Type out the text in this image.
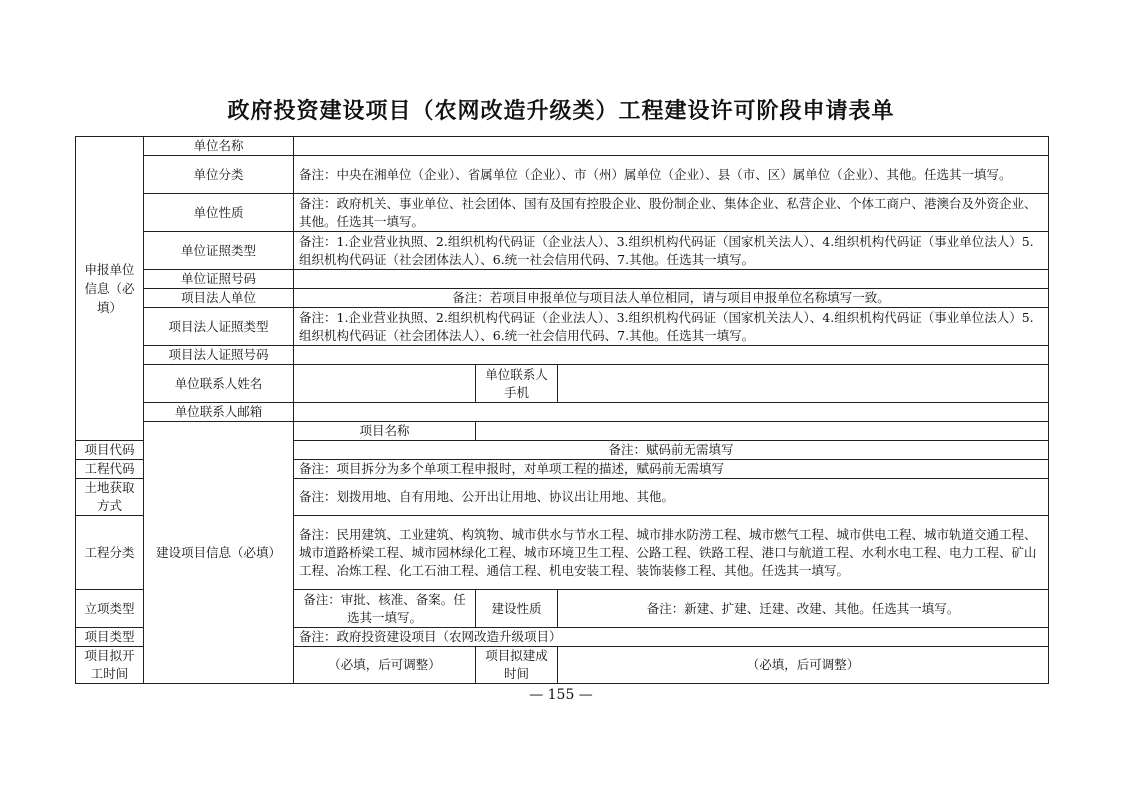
政府投资建设项目（农网改造升级类）工程建设许可阶段申请表单
申报单位信息（必填）	单位名称			
	单位分类	备注：中央在湘单位（企业）、省属单位（企业）、市（州）属单位（企业）、县（市、区）属单位（企业）、其他。任选其一填写。		
	单位性质	备注：政府机关、事业单位、社会团体、国有及国有控股企业、股份制企业、集体企业、私营企业、个体工商户、港澳台及外资企业、其他。任选其一填写。		
	单位证照类型	备注：1.企业营业执照、2.组织机构代码证（企业法人）、3.组织机构代码证（国家机关法人）、4.组织机构代码证（事业单位法人）5.组织机构代码证（社会团体法人）、6.统一社会信用代码、7.其他。任选其一填写。		
	单位证照号码			
	项目法人单位	备注：若项目申报单位与项目法人单位相同，请与项目申报单位名称填写一致。		
	项目法人证照类型	备注：1.企业营业执照、2.组织机构代码证（企业法人）、3.组织机构代码证（国家机关法人）、4.组织机构代码证（事业单位法人）5.组织机构代码证（社会团体法人）、6.统一社会信用代码、7.其他。任选其一填写。		
	项目法人证照号码			
	单位联系人姓名		单位联系人手机	
	单位联系人邮箱			
	建设项目信息（必填）	项目名称		
项目代码		备注：赋码前无需填写		
工程代码		备注：项目拆分为多个单项工程申报时，对单项工程的描述，赋码前无需填写		
土地获取方式		备注：划拨用地、自有用地、公开出让用地、协议出让用地、其他。		
工程分类		备注：民用建筑、工业建筑、构筑物、城市供水与节水工程、城市排水防涝工程、城市燃气工程、城市供电工程、城市轨道交通工程、城市道路桥梁工程、城市园林绿化工程、城市环境卫生工程、公路工程、铁路工程、港口与航道工程、水利水电工程、电力工程、矿山工程、冶炼工程、化工石油工程、通信工程、机电安装工程、装饰装修工程、其他。任选其一填写。		
立项类型		备注：审批、核准、备案。任选其一填写。	建设性质	备注：新建、扩建、迁建、改建、其他。任选其一填写。
项目类型		备注：政府投资建设项目（农网改造升级项目）		
项目拟开工时间		（必填，后可调整）	项目拟建成时间	（必填，后可调整）
— 155 —
